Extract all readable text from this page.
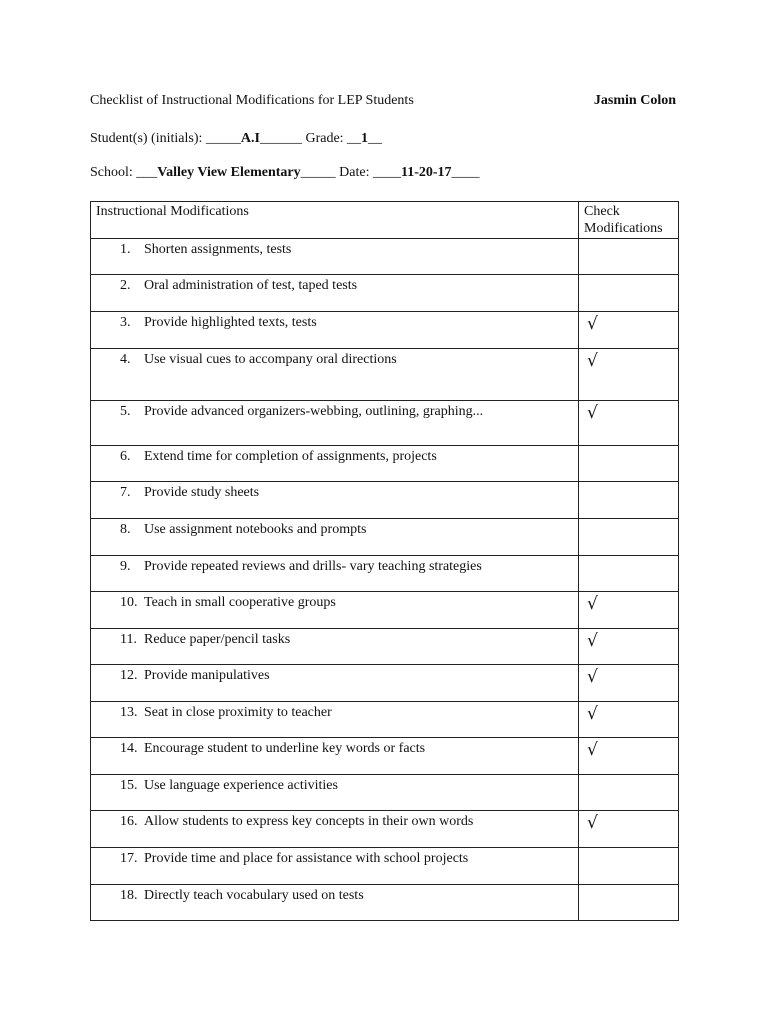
Checklist of Instructional Modifications for LEP Students	Jasmin Colon
Student(s) (initials): _____A.I______ Grade: __1__
School: ___Valley View Elementary_____ Date: ____11-20-17____
Instructional Modifications	Check
Modifications

1. Shorten assignments, tests	

2. Oral administration of test, taped tests	

3. Provide highlighted texts, tests	√

4. Use visual cues to accompany oral directions	√

5. Provide advanced organizers-webbing, outlining, graphing...	√

6. Extend time for completion of assignments, projects	

7. Provide study sheets	

8. Use assignment notebooks and prompts	

9. Provide repeated reviews and drills- vary teaching strategies	

10. Teach in small cooperative groups	√

11. Reduce paper/pencil tasks	√

12. Provide manipulatives	√

13. Seat in close proximity to teacher	√

14. Encourage student to underline key words or facts	√

15. Use language experience activities	

16. Allow students to express key concepts in their own words	√

17. Provide time and place for assistance with school projects	

18. Directly teach vocabulary used on tests	
